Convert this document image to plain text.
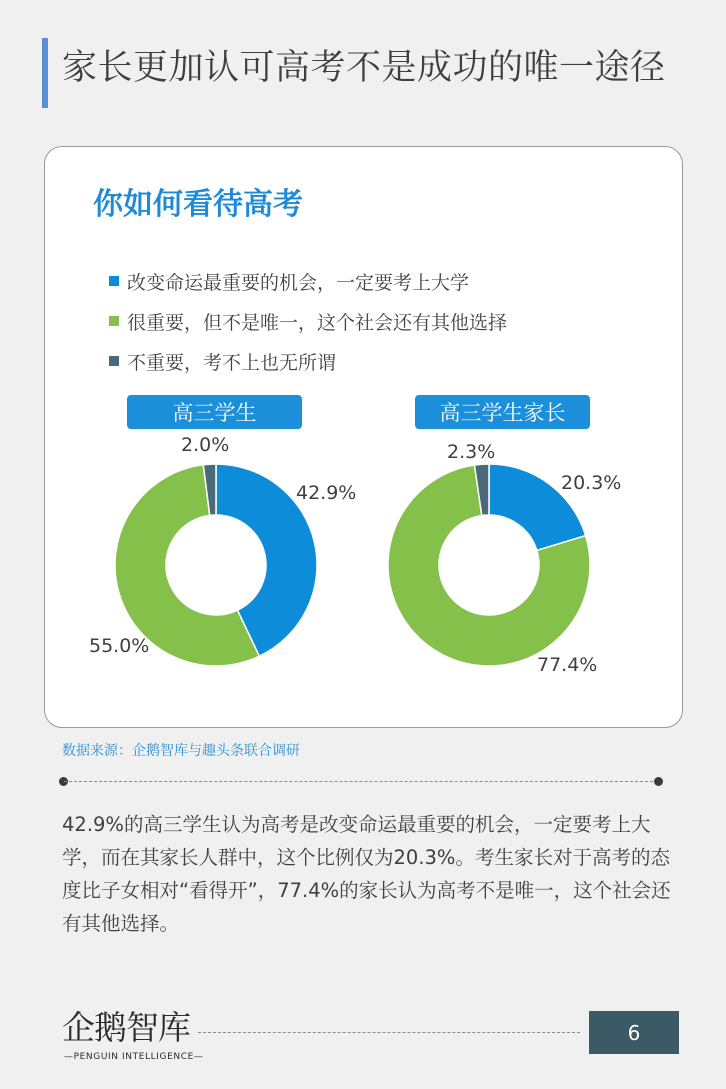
家长更加认可高考不是成功的唯一途径
你如何看待高考
改变命运最重要的机会，一定要考上大学
很重要，但不是唯一，这个社会还有其他选择
不重要，考不上也无所谓
高三学生	高三学生家长
42.9%
55.0%
2.0%
20.3%
77.4%
2.3%
数据来源：企鹅智库与趣头条联合调研
42.9%的高三学生认为高考是改变命运最重要的机会，一定要考上大学，而在其家长人群中，这个比例仅为20.3%。考生家长对于高考的态度比子女相对“看得开”，77.4%的家长认为高考不是唯一，这个社会还有其他选择。
企鹅智库
—PENGUIN INTELLIGENCE—
6
